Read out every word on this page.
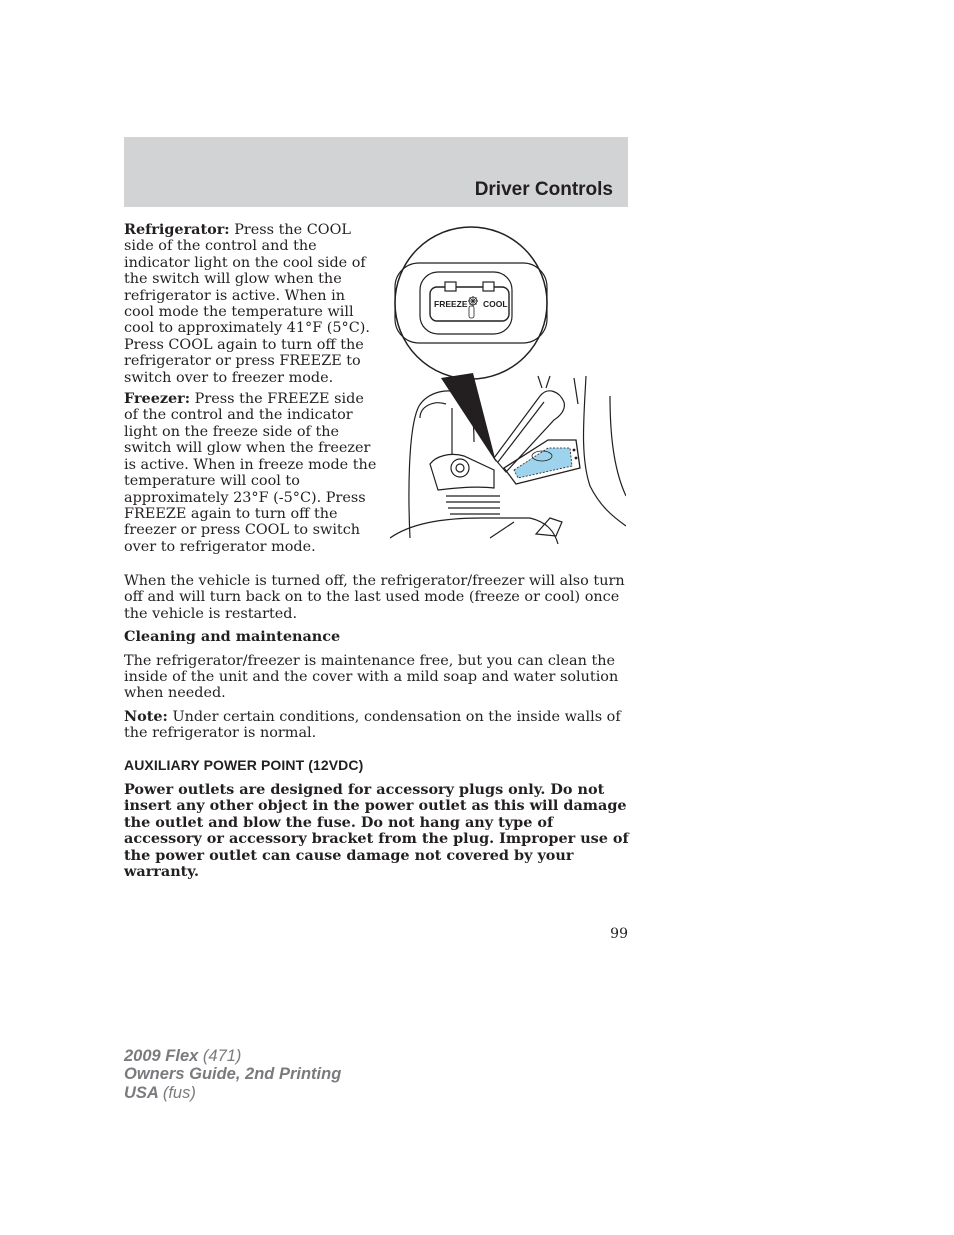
Driver Controls

Refrigerator: Press the COOL side of the control and the indicator light on the cool side of the switch will glow when the refrigerator is active. When in cool mode the temperature will cool to approximately 41°F (5°C). Press COOL again to turn off the refrigerator or press FREEZE to switch over to freezer mode.

Freezer: Press the FREEZE side of the control and the indicator light on the freeze side of the switch will glow when the freezer is active. When in freeze mode the temperature will cool to approximately 23°F (-5°C). Press FREEZE again to turn off the freezer or press COOL to switch over to refrigerator mode.

FREEZE COOL

When the vehicle is turned off, the refrigerator/freezer will also turn off and will turn back on to the last used mode (freeze or cool) once the vehicle is restarted.

Cleaning and maintenance

The refrigerator/freezer is maintenance free, but you can clean the inside of the unit and the cover with a mild soap and water solution when needed.

Note: Under certain conditions, condensation on the inside walls of the refrigerator is normal.

AUXILIARY POWER POINT (12VDC)

Power outlets are designed for accessory plugs only. Do not insert any other object in the power outlet as this will damage the outlet and blow the fuse. Do not hang any type of accessory or accessory bracket from the plug. Improper use of the power outlet can cause damage not covered by your warranty.

99
2009 Flex (471)
Owners Guide, 2nd Printing
USA (fus)
